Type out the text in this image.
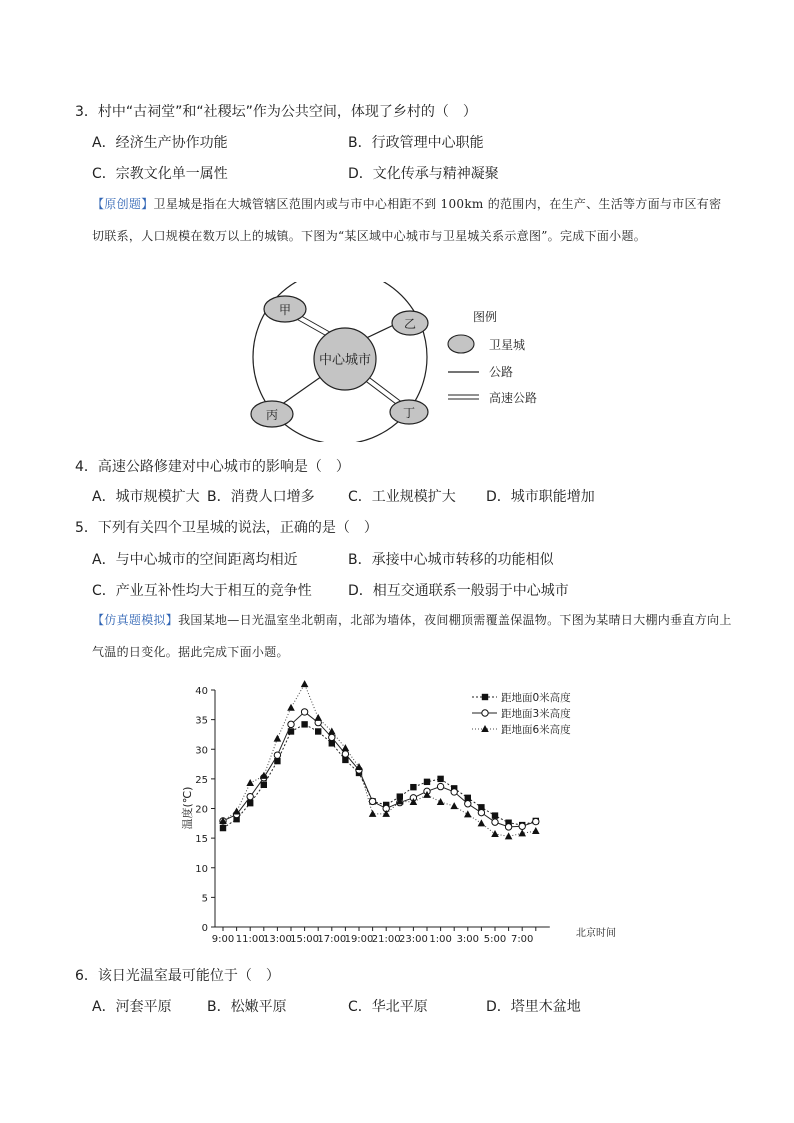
3．村中“古祠堂”和“社稷坛”作为公共空间，体现了乡村的（　）
A．经济生产协作功能	B．行政管理中心职能
C．宗教文化单一属性	D．文化传承与精神凝聚
【原创题】卫星城是指在大城管辖区范围内或与市中心相距不到 100km 的范围内，在生产、生活等方面与市区有密切联系，人口规模在数万以上的城镇。下图为“某区域中心城市与卫星城关系示意图”。完成下面小题。
中心城市
甲
乙
丙	丁
图例
卫星城
公路
高速公路
4．高速公路修建对中心城市的影响是（　）
A．城市规模扩大 B．消费人口增多 C．工业规模扩大 D．城市职能增加
5．下列有关四个卫星城的说法，正确的是（　）
A．与中心城市的空间距离均相近	B．承接中心城市转移的功能相似
C．产业互补性均大于相互的竞争性	D．相互交通联系一般弱于中心城市
【仿真题模拟】我国某地—日光温室坐北朝南，北部为墙体，夜间棚顶需覆盖保温物。下图为某晴日大棚内垂直方向上气温的日变化。据此完成下面小题。
0
5
10
15
20
25
30
35
40
9:00 11:00
13:00
15:00
17:00
19:00
21:00
23:00 1:00 3:00 5:00 7:00
距地面0米高度
距地面3米高度
距地面6米高度
温度(℃)
北京时间
6．该日光温室最可能位于（　）
A．河套平原	B．松嫩平原	C．华北平原	D．塔里木盆地
